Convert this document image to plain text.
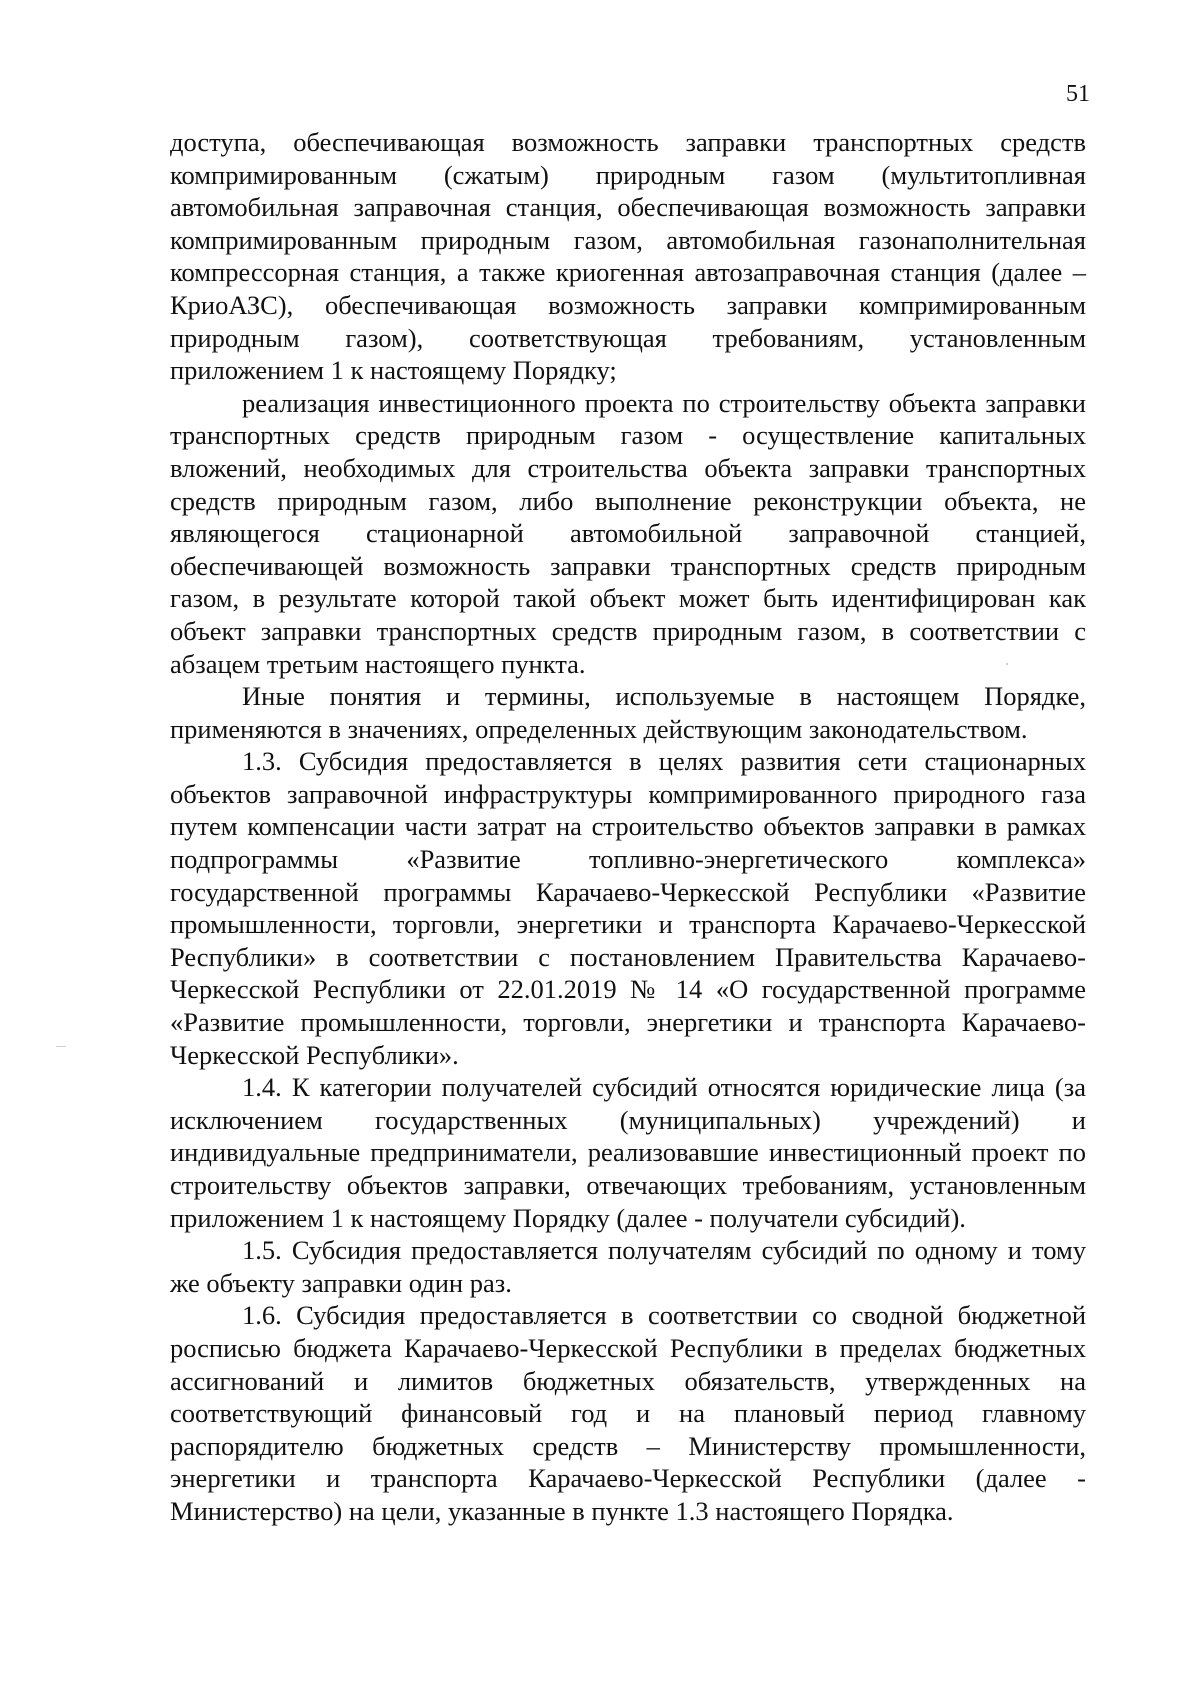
51

доступа, обеспечивающая возможность заправки транспортных средств компримированным (сжатым) природным газом (мультитопливная автомобильная заправочная станция, обеспечивающая возможность заправки компримированным природным газом, автомобильная газонаполнительная компрессорная станция, а также криогенная автозаправочная станция (далее – КриоАЗС), обеспечивающая возможность заправки компримированным природным газом), соответствующая требованиям, установленным приложением 1 к настоящему Порядку;

реализация инвестиционного проекта по строительству объекта заправки транспортных средств природным газом - осуществление капитальных вложений, необходимых для строительства объекта заправки транспортных средств природным газом, либо выполнение реконструкции объекта, не являющегося стационарной автомобильной заправочной станцией, обеспечивающей возможность заправки транспортных средств природным газом, в результате которой такой объект может быть идентифицирован как объект заправки транспортных средств природным газом, в соответствии с абзацем третьим настоящего пункта.

Иные понятия и термины, используемые в настоящем Порядке, применяются в значениях, определенных действующим законодательством.

1.3. Субсидия предоставляется в целях развития сети стационарных объектов заправочной инфраструктуры компримированного природного газа путем компенсации части затрат на строительство объектов заправки в рамках подпрограммы «Развитие топливно-энергетического комплекса» государственной программы Карачаево-Черкесской Республики «Развитие промышленности, торговли, энергетики и транспорта Карачаево-Черкесской Республики» в соответствии с постановлением Правительства Карачаево-Черкесской Республики от 22.01.2019 № 14 «О государственной программе «Развитие промышленности, торговли, энергетики и транспорта Карачаево-Черкесской Республики».

1.4. К категории получателей субсидий относятся юридические лица (за исключением государственных (муниципальных) учреждений) и индивидуальные предприниматели, реализовавшие инвестиционный проект по строительству объектов заправки, отвечающих требованиям, установленным приложением 1 к настоящему Порядку (далее - получатели субсидий).

1.5. Субсидия предоставляется получателям субсидий по одному и тому же объекту заправки один раз.

1.6. Субсидия предоставляется в соответствии со сводной бюджетной росписью бюджета Карачаево-Черкесской Республики в пределах бюджетных ассигнований и лимитов бюджетных обязательств, утвержденных на соответствующий финансовый год и на плановый период главному распорядителю бюджетных средств – Министерству промышленности, энергетики и транспорта Карачаево-Черкесской Республики (далее - Министерство) на цели, указанные в пункте 1.3 настоящего Порядка.
